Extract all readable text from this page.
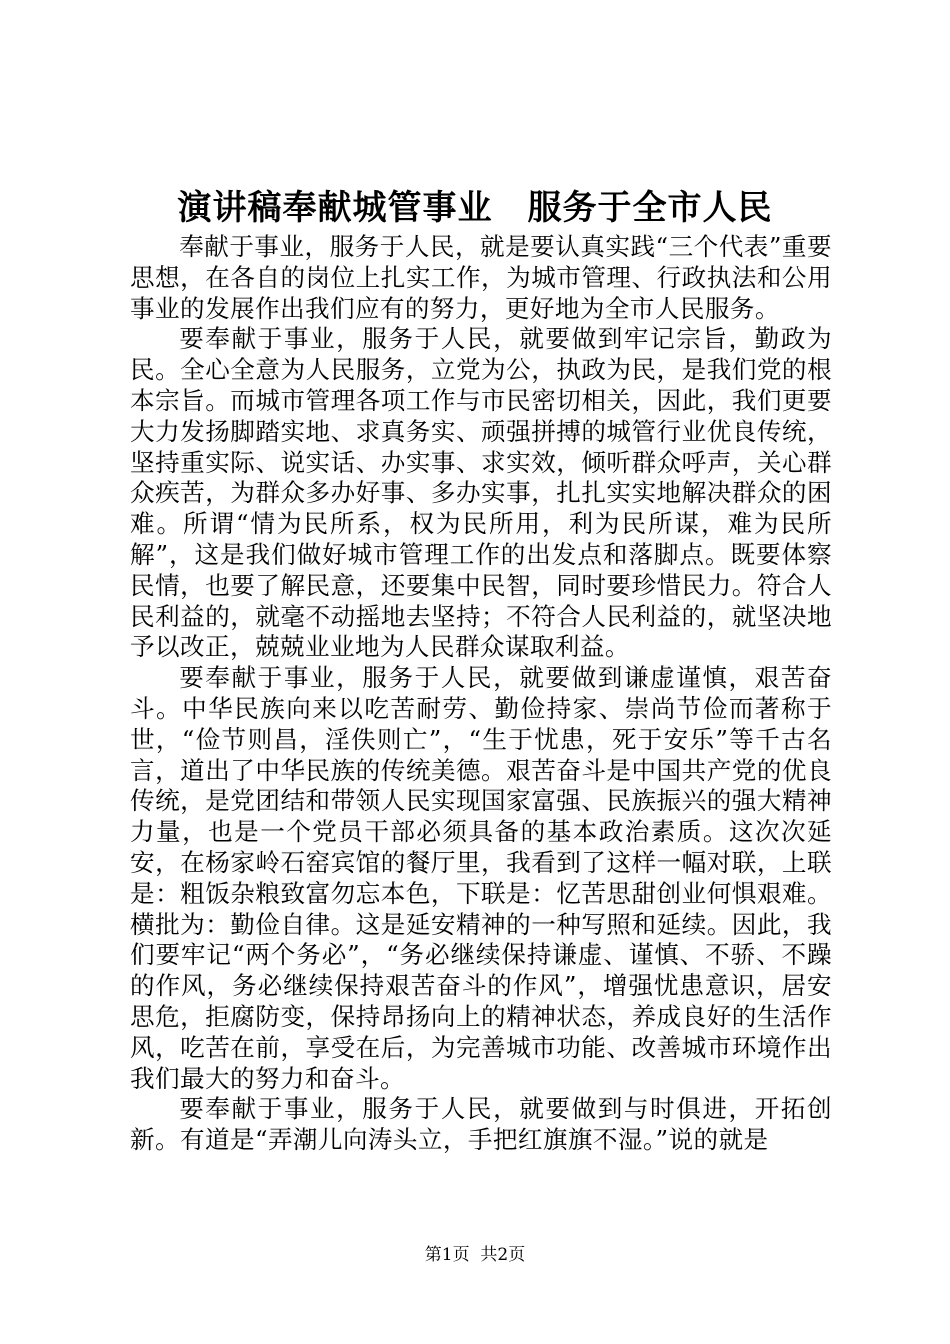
演讲稿奉献城管事业　服务于全市人民

奉献于事业，服务于人民，就是要认真实践“三个代表”重要思想，在各自的岗位上扎实工作，为城市管理、行政执法和公用事业的发展作出我们应有的努力，更好地为全市人民服务。

要奉献于事业，服务于人民，就要做到牢记宗旨，勤政为民。全心全意为人民服务，立党为公，执政为民，是我们党的根本宗旨。而城市管理各项工作与市民密切相关，因此，我们更要大力发扬脚踏实地、求真务实、顽强拼搏的城管行业优良传统，坚持重实际、说实话、办实事、求实效，倾听群众呼声，关心群众疾苦，为群众多办好事、多办实事，扎扎实实地解决群众的困难。所谓“情为民所系，权为民所用，利为民所谋，难为民所解”，这是我们做好城市管理工作的出发点和落脚点。既要体察民情，也要了解民意，还要集中民智，同时要珍惜民力。符合人民利益的，就毫不动摇地去坚持；不符合人民利益的，就坚决地予以改正，兢兢业业地为人民群众谋取利益。

要奉献于事业，服务于人民，就要做到谦虚谨慎，艰苦奋斗。中华民族向来以吃苦耐劳、勤俭持家、崇尚节俭而著称于世，“俭节则昌，淫佚则亡”，“生于忧患，死于安乐”等千古名言，道出了中华民族的传统美德。艰苦奋斗是中国共产党的优良传统，是党团结和带领人民实现国家富强、民族振兴的强大精神力量，也是一个党员干部必须具备的基本政治素质。这次次延安，在杨家岭石窑宾馆的餐厅里，我看到了这样一幅对联，上联是：粗饭杂粮致富勿忘本色，下联是：忆苦思甜创业何惧艰难。横批为：勤俭自律。这是延安精神的一种写照和延续。因此，我们要牢记“两个务必”，“务必继续保持谦虚、谨慎、不骄、不躁的作风，务必继续保持艰苦奋斗的作风”，增强忧患意识，居安思危，拒腐防变，保持昂扬向上的精神状态，养成良好的生活作风，吃苦在前，享受在后，为完善城市功能、改善城市环境作出我们最大的努力和奋斗。

要奉献于事业，服务于人民，就要做到与时俱进，开拓创新。有道是“弄潮儿向涛头立，手把红旗旗不湿。”说的就是

第1页  共2页
